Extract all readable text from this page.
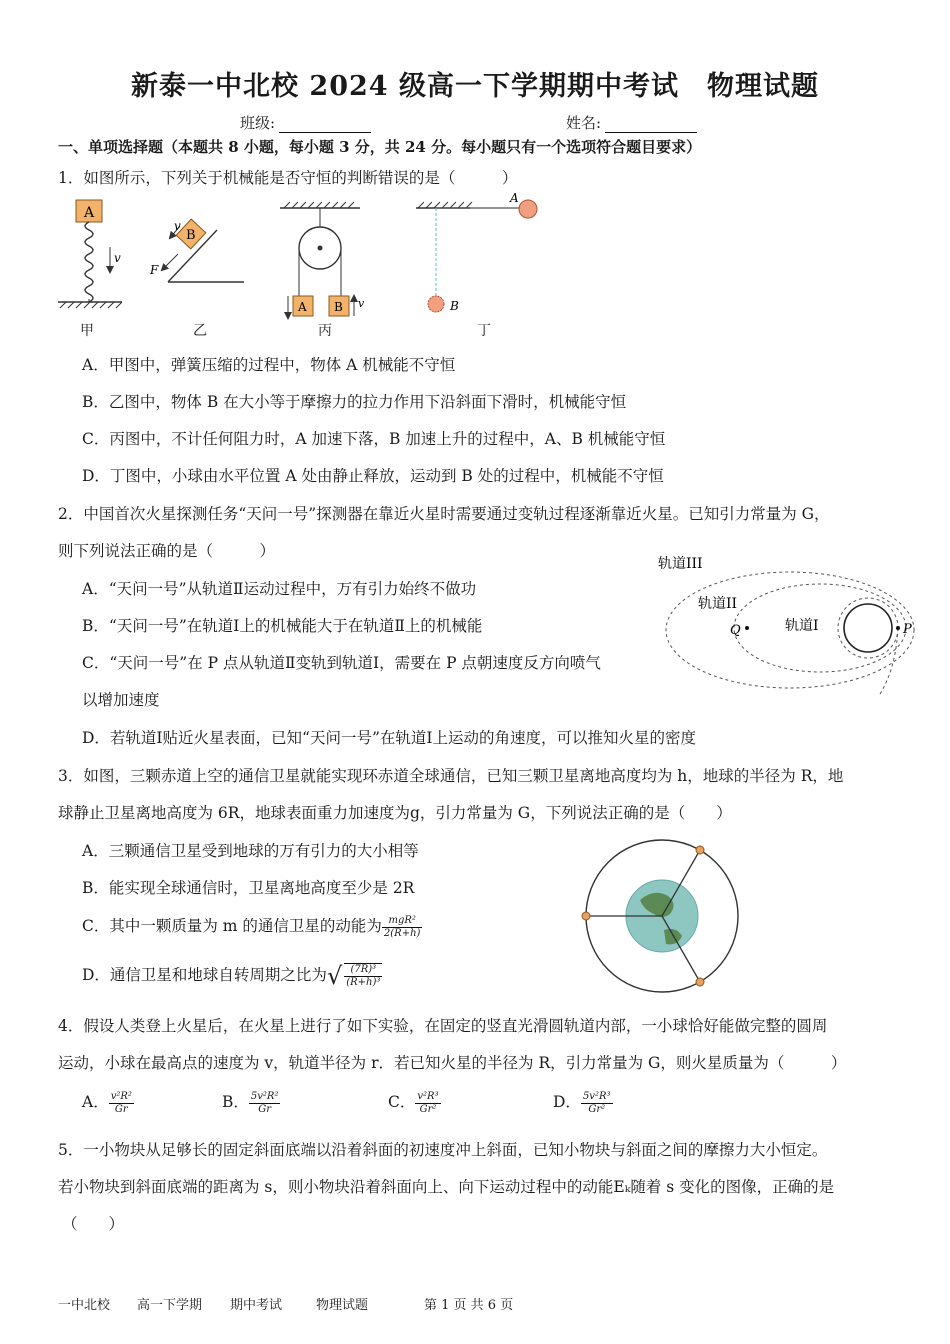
新泰一中北校 2024 级高一下学期期中考试　物理试题
班级:	姓名:
一、单项选择题（本题共 8 小题，每小题 3 分，共 24 分。每小题只有一个选项符合题目要求）
1．如图所示，下列关于机械能是否守恒的判断错误的是（　　　）
A
v
B
F
v
A B v
A
B
甲	乙	丙	丁
A．甲图中，弹簧压缩的过程中，物体 A 机械能不守恒
B．乙图中，物体 B 在大小等于摩擦力的拉力作用下沿斜面下滑时，机械能守恒
C．丙图中，不计任何阻力时，A 加速下落，B 加速上升的过程中，A、B 机械能守恒
D．丁图中，小球由水平位置 A 处由静止释放，运动到 B 处的过程中，机械能不守恒
2．中国首次火星探测任务“天问一号”探测器在靠近火星时需要通过变轨过程逐渐靠近火星。已知引力常量为 G，
则下列说法正确的是（　　　）
A．“天问一号”从轨道Ⅱ运动过程中，万有引力始终不做功
B．“天问一号”在轨道Ⅰ上的机械能大于在轨道Ⅱ上的机械能
C．“天问一号”在 P 点从轨道Ⅱ变轨到轨道Ⅰ，需要在 P 点朝速度反方向喷气
以增加速度
D．若轨道Ⅰ贴近火星表面，已知“天问一号”在轨道Ⅰ上运动的角速度，可以推知火星的密度
轨道III
轨道II
轨道I
Q	P
3．如图，三颗赤道上空的通信卫星就能实现环赤道全球通信，已知三颗卫星离地高度均为 h，地球的半径为 R，地
球静止卫星离地高度为 6R，地球表面重力加速度为g，引力常量为 G，下列说法正确的是（　　）
A．三颗通信卫星受到地球的万有引力的大小相等
B．能实现全球通信时，卫星离地高度至少是 2R
C．其中一颗质量为 m 的通信卫星的动能为 $\frac{\text{mgR²}}{2(R+h)}$
D．通信卫星和地球自转周期之比为√ $\frac{\text{(7R)³}}{\text{(R+h)³}}$
4．假设人类登上火星后，在火星上进行了如下实验，在固定的竖直光滑圆轨道内部，一小球恰好能做完整的圆周
运动，小球在最高点的速度为 v，轨道半径为 r．若已知火星的半径为 R，引力常量为 G，则火星质量为（　　　）
A． $\frac{\text{v²R²}}{Gr}$	B． $\frac{\text{5v²R²}}{Gr}$	C． $\frac{\text{v²R³}}{\text{Gr²}}$	D． $\frac{\text{5v²R³}}{\text{Gr²}}$
5．一小物块从足够长的固定斜面底端以沿着斜面的初速度冲上斜面，已知小物块与斜面之间的摩擦力大小恒定。
若小物块到斜面底端的距离为 s，则小物块沿着斜面向上、向下运动过程中的动能Eₖ随着 s 变化的图像，正确的是
（　　）
一中北校 高一下学期 期中考试	物理试题	第 1 页 共 6 页
